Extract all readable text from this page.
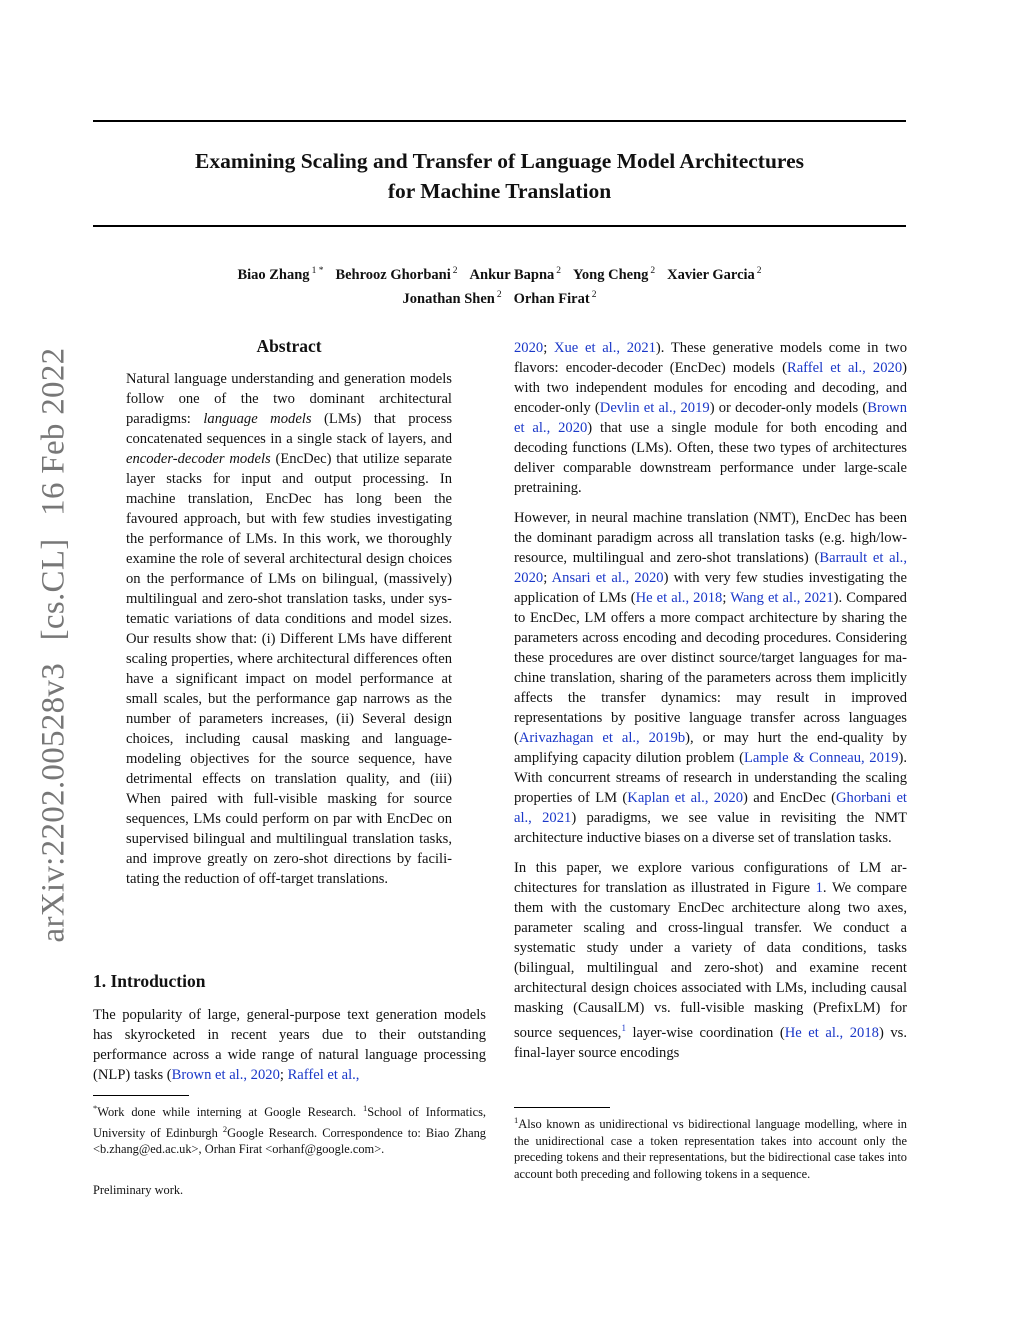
Examining Scaling and Transfer of Language Model Architectures
for Machine Translation
Biao Zhang $^{1 *}$ Behrooz Ghorbani $^2$ Ankur Bapna $^2$ Yong Cheng $^2$ Xavier Garcia $^2$
Jonathan Shen $^2$ Orhan Firat $^2$
arXiv:2202.00528v3 [cs.CL] 16 Feb 2022
Abstract
Natural language understanding and generation models follow one of the two dominant architectural paradigms: language models (LMs) that process concatenated sequences in a single stack of layers, and encoder-decoder models (EncDec) that utilize separate layer stacks for input and output processing. In machine translation, EncDec has long been the favoured approach, but with few studies investigating the performance of LMs. In this work, we thoroughly examine the role of several architectural design choices on the performance of LMs on bilingual, (massively) multilingual and zero-shot translation tasks, under systematic variations of data conditions and model sizes. Our results show that: (i) Different LMs have different scaling properties, where architectural differences often have a significant impact on model performance at small scales, but the performance gap narrows as the number of parameters increases, (ii) Several design choices, including causal masking and language-modeling objectives for the source sequence, have detrimental effects on translation quality, and (iii) When paired with full-visible masking for source sequences, LMs could perform on par with EncDec on supervised bilingual and multilingual translation tasks, and improve greatly on zero-shot directions by facilitating the reduction of off-target translations.
1. Introduction
The popularity of large, general-purpose text generation models has skyrocketed in recent years due to their outstanding performance across a wide range of natural language processing (NLP) tasks (Brown et al., 2020; Raffel et al.,

2020; Xue et al., 2021). These generative models come in two flavors: encoder-decoder (EncDec) models (Raffel et al., 2020) with two independent modules for encoding and decoding, and encoder-only (Devlin et al., 2019) or decoder-only models (Brown et al., 2020) that use a single module for both encoding and decoding functions (LMs). Often, these two types of architectures deliver comparable downstream performance under large-scale pretraining.

However, in neural machine translation (NMT), EncDec has been the dominant paradigm across all translation tasks (e.g. high/low-resource, multilingual and zero-shot translations) (Barrault et al., 2020; Ansari et al., 2020) with very few studies investigating the application of LMs (He et al., 2018; Wang et al., 2021). Compared to EncDec, LM offers a more compact architecture by sharing the parameters across encoding and decoding procedures. Considering these procedures are over distinct source/target languages for machine translation, sharing of the parameters across them implicitly affects the transfer dynamics: may result in improved representations by positive language transfer across languages (Arivazhagan et al., 2019b), or may hurt the end-quality by amplifying capacity dilution problem (Lample & Conneau, 2019). With concurrent streams of research in understanding the scaling properties of LM (Kaplan et al., 2020) and EncDec (Ghorbani et al., 2021) paradigms, we see value in revisiting the NMT architecture inductive biases on a diverse set of translation tasks.

In this paper, we explore various configurations of LM architectures for translation as illustrated in Figure 1. We compare them with the customary EncDec architecture along two axes, parameter scaling and cross-lingual transfer. We conduct a systematic study under a variety of data conditions, tasks (bilingual, multilingual and zero-shot) and examine recent architectural design choices associated with LMs, including causal masking (CausalLM) vs. full-visible masking (PrefixLM) for source sequences,$^1$ layer-wise coordination (He et al., 2018) vs. final-layer source encodings

*Work done while interning at Google Research. $^1$School of Informatics, University of Edinburgh $^2$Google Research. Correspondence to: Biao Zhang <b.zhang@ed.ac.uk>, Orhan Firat <orhanf@google.com>.
Preliminary work.
$^1$Also known as unidirectional vs bidirectional language modelling, where in the unidirectional case a token representation takes into account only the preceding tokens and their representations, but the bidirectional case takes into account both preceding and following tokens in a sequence.
